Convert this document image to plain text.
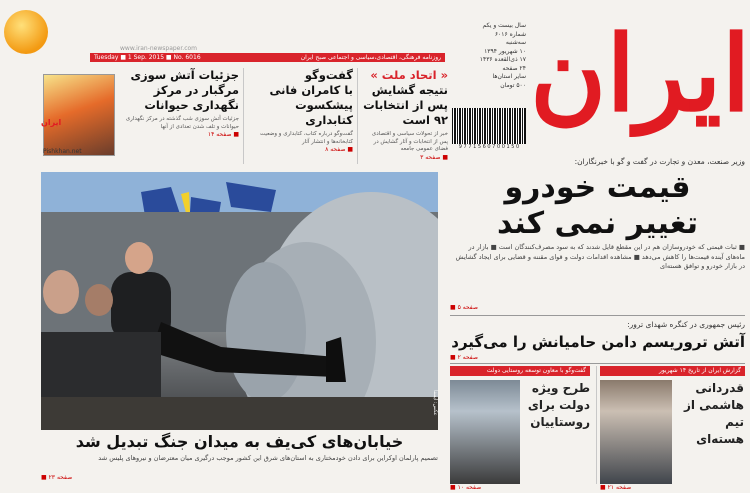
ایران
www.iran-newspaper.com
Tuesday ■ 1 Sep. 2015 ■ No. 6016	روزنامه فرهنگی، اقتصادی،سیاسی و اجتماعی صبح ایران
سال بیست و یکم
شماره ۶۰۱۶
سه‌شنبه
۱۰ شهریور ۱۳۹۴
۱۷ ذی‌القعده ۱۴۳۶
۲۴ صفحه
سایر استان‌ها
۵۰۰ تومان
9 7 7 1 5 6 0 7 0 0 1 5 0
ایران
Pishkhan.net
« اتحاد ملت »
نتیجه گشایش پس از انتخابات ۹۲ است
خبر از تحولات سیاسی و اقتصادی پس از انتخابات و آثار گشایش در فضای عمومی جامعه
■ صفحه ۳
گفت‌وگو
با کامران فانی پیشکسوت کتابداری
گفت‌وگو درباره کتاب، کتابداری و وضعیت کتابخانه‌ها و انتشار آثار
■ صفحه ۸
جزئیات آتش سوزی
مرگبار در مرکز نگهداری حیوانات
جزئیات آتش سوزی شب گذشته در مرکز نگهداری حیوانات و تلف شدن تعدادی از آنها
■ صفحه ۱۴
عکس: ایسنا
خیابان‌های کی‌یف به میدان جنگ تبدیل شد
تصمیم پارلمان اوکراین برای دادن خودمختاری به استان‌های شرق این کشور موجب درگیری میان معترضان و نیروهای پلیس شد
■ صفحه ۲۳
وزیر صنعت، معدن و تجارت در گفت و گو با خبرنگاران:
قیمت خودرو
تغییر نمی کند
■ ثبات قیمتی که خودروسازان هم در این مقطع قایل شدند که به سود مصرف‌کنندگان است ■ بازار در ماه‌های آینده قیمت‌ها را کاهش می‌دهد ■ مشاهده اقدامات دولت و قوای مقننه و قضایی برای ایجاد گشایش در بازار خودرو و توافق هسته‌ای
■ صفحه ۵
رئیس جمهوری در کنگره شهدای ترور:
آتش تروریسم دامن حامیانش را می‌گیرد
■ صفحه ۲
گفت‌وگو با معاون توسعه روستایی دولت
طرح ویژه دولت برای روستاییان
■ صفحه ۱۰
گزارش ایران از تاریخ ۱۴ شهریور
قدردانی هاشمی از تیم هسته‌ای
■ صفحه ۲۱
